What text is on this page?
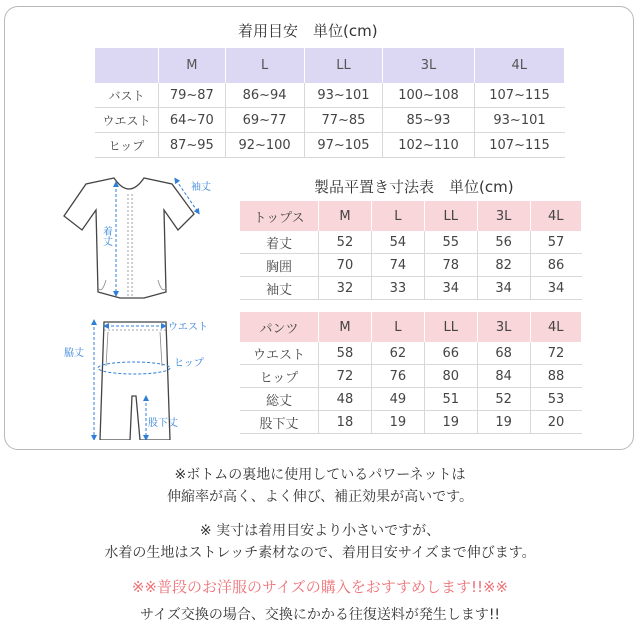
着用目安　単位(cm)
	M	L	LL	3L	4L
バスト	79~87	86~94	93~101	100~108	107~115
ウエスト	64~70	69~77	77~85	85~93	93~101
ヒップ	87~95	92~100	97~105	102~110	107~115
製品平置き寸法表　単位(cm)
トップス	M	L	LL	3L	4L
着丈	52	54	55	56	57
胸囲	70	74	78	82	86
袖丈	32	33	34	34	34
パンツ	M	L	LL	3L	4L
ウエスト	58	62	66	68	72
ヒップ	72	76	80	84	88
総丈	48	49	51	52	53
股下丈	18	19	19	19	20
着丈
袖丈
ウエスト
ヒップ
脇丈
股下丈
※ボトムの裏地に使用しているパワーネットは
伸縮率が高く、よく伸び、補正効果が高いです。
※ 実寸は着用目安より小さいですが、
水着の生地はストレッチ素材なので、着用目安サイズまで伸びます。
※※普段のお洋服のサイズの購入をおすすめします!!※※
サイズ交換の場合、交換にかかる往復送料が発生します!!
